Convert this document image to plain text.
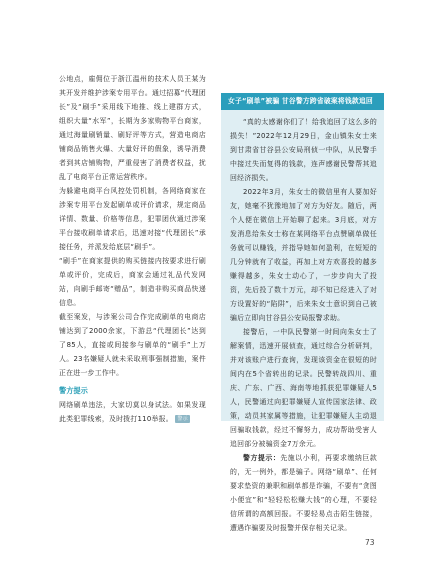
公地点，雇佣位于浙江温州的技术人员王某为其开发并维护涉案专用平台。通过招募“代理团长”及“刷手”采用线下地推、线上建群方式，组织大量“水军”，长期为多家购物平台商家，通过海量刷销量、刷好评等方式，营造电商店铺商品销售火爆、大量好评的假象，诱导消费者到其店铺购物，严重侵害了消费者权益，扰乱了电商平台正常运营秩序。

为躲避电商平台风控处罚机制，各网络商家在涉案专用平台发起刷单或评价请求，规定商品详情、数量、价格等信息，犯罪团伙通过涉案平台接收刷单请求后，迅速对接“代理团长”承接任务，并派发给底层“刷手”。

“刷手”在商家提供的购买链接内按要求进行刷单或评价，完成后，商家会通过礼品代发网站，向刷手邮寄“赠品”，制造非购买商品快递信息。

截至案发，与涉案公司合作完成刷单的电商店铺达到了2000余家，下游总“代理团长”达到了85人，直接或间接参与刷单的“刷手”上万人。23名嫌疑人就未采取刑事强制措施，案件正在进一步工作中。

警方提示

网络刷单违法，大家切莫以身试法。如果发现此类犯罪线索，及时拨打110举报。 警示

女子“刷单”被骗 甘谷警方跨省破案将钱款追回

“真的太感谢你们了！给我追回了这么多的损失！”2022年12月29日，金山镇朱女士来到甘肃省甘谷县公安局刑侦一中队，从民警手中接过失而复得的钱款，连声感谢民警帮其追回经济损失。

2022年3月，朱女士的微信里有人要加好友，她毫不犹豫地加了对方为好友。随后，两个人便在微信上开始聊了起来。3月底，对方发消息给朱女士称在某网络平台点赞刷单做任务就可以赚钱，并指导她如何盈利，在短短的几分钟就有了收益，再加上对方欢喜投的越多赚得越多，朱女士动心了，一步步向大了投资，先后投了数十万元，却不知已经进入了对方设置好的“陷阱”，后来朱女士意识到自己被骗后立即向甘谷县公安局报警求助。

接警后，一中队民警第一时间向朱女士了解案情，迅速开展侦查，通过综合分析研判，并对该账户进行查询，发现该资金在很短的时间内在5个省转出的记录。民警转战四川、重庆、广东、广西、海南等地抓获犯罪嫌疑人5人，民警通过向犯罪嫌疑人宣传国家法律、政策，动员其家属等措施，让犯罪嫌疑人主动退回骗取钱款，经过不懈努力，成功帮助受害人追回部分被骗资金7万余元。

警方提示：先施以小利，再要求缴纳巨款的，无一例外，都是骗子。网络“刷单”、任何要求垫资的兼职和刷单都是诈骗，不要有“贪图小便宜”和“轻轻松松赚大钱”的心理，不要轻信所谓的高额回报。不要轻易点击陌生链接，遭遇诈骗要及时报警并保存相关记录。

73
